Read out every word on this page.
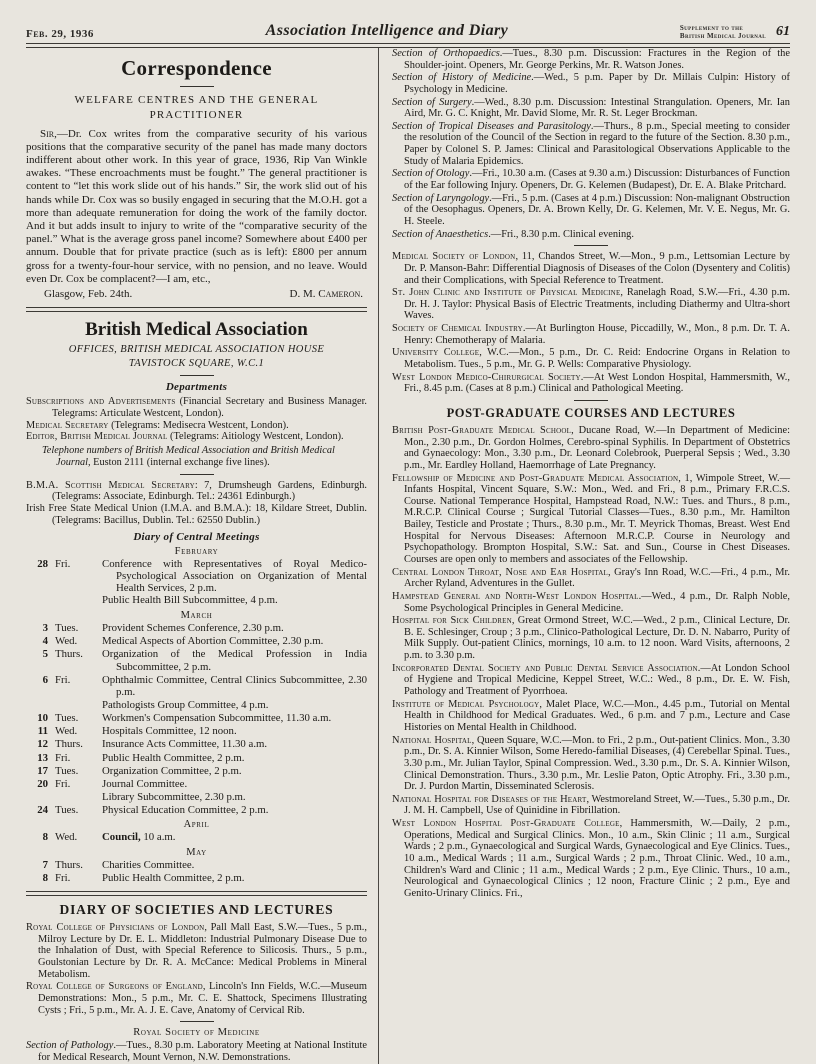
Feb. 29, 1936	Association Intelligence and Diary	Supplement to the
British Medical Journal 61
Correspondence
WELFARE CENTRES AND THE GENERAL PRACTITIONER

Sir,—Dr. Cox writes from the comparative security of his various positions that the comparative security of the panel has made many doctors indifferent about other work. In this year of grace, 1936, Rip Van Winkle awakes. “These encroachments must be fought.” The general practitioner is content to “let this work slide out of his hands.” Sir, the work slid out of his hands while Dr. Cox was so busily engaged in securing that the M.O.H. got a more than adequate remuneration for doing the work of the family doctor. And it but adds insult to injury to write of the “comparative security of the panel.” What is the average gross panel income? Somewhere about £400 per annum. Double that for private practice (such as is left): £800 per annum gross for a twenty-four-hour service, with no pension, and no leave. Would even Dr. Cox be complacent?—I am, etc.,

Glasgow, Feb. 24th.	D. M. Cameron.
British Medical Association
OFFICES, BRITISH MEDICAL ASSOCIATION HOUSE
TAVISTOCK SQUARE, W.C.1
Departments

Subscriptions and Advertisements (Financial Secretary and Business Manager. Telegrams: Articulate Westcent, London).

Medical Secretary (Telegrams: Medisecra Westcent, London).

Editor, British Medical Journal (Telegrams: Aitiology Westcent, London).

Telephone numbers of British Medical Association and British Medical Journal, Euston 2111 (internal exchange five lines).

B.M.A. Scottish Medical Secretary: 7, Drumsheugh Gardens, Edinburgh. (Telegrams: Associate, Edinburgh. Tel.: 24361 Edinburgh.)

Irish Free State Medical Union (I.M.A. and B.M.A.): 18, Kildare Street, Dublin. (Telegrams: Bacillus, Dublin. Tel.: 62550 Dublin.)

Diary of Central Meetings
February
28 Fri.	Conference with Representatives of Royal Medico-Psychological Association on Organization of Mental Health Services, 2 p.m.
Public Health Bill Subcommittee, 4 p.m.
March
3 Tues.	Provident Schemes Conference, 2.30 p.m.
4 Wed.	Medical Aspects of Abortion Committee, 2.30 p.m.
5 Thurs.	Organization of the Medical Profession in India Subcommittee, 2 p.m.
6 Fri.	Ophthalmic Committee, Central Clinics Subcommittee, 2.30 p.m.
Pathologists Group Committee, 4 p.m.
10 Tues.	Workmen's Compensation Subcommittee, 11.30 a.m.
11 Wed.	Hospitals Committee, 12 noon.
12 Thurs.	Insurance Acts Committee, 11.30 a.m.
13 Fri.	Public Health Committee, 2 p.m.
17 Tues.	Organization Committee, 2 p.m.
20 Fri.	Journal Committee.
Library Subcommittee, 2.30 p.m.
24 Tues.	Physical Education Committee, 2 p.m.
April
8 Wed.	Council, 10 a.m.
May
7 Thurs.	Charities Committee.
8 Fri.	Public Health Committee, 2 p.m.
DIARY OF SOCIETIES AND LECTURES

Royal College of Physicians of London, Pall Mall East, S.W.—Tues., 5 p.m., Milroy Lecture by Dr. E. L. Middleton: Industrial Pulmonary Disease Due to the Inhalation of Dust, with Special Reference to Silicosis. Thurs., 5 p.m., Goulstonian Lecture by Dr. R. A. McCance: Medical Problems in Mineral Metabolism.

Royal College of Surgeons of England, Lincoln's Inn Fields, W.C.—Museum Demonstrations: Mon., 5 p.m., Mr. C. E. Shattock, Specimens Illustrating Cysts ; Fri., 5 p.m., Mr. A. J. E. Cave, Anatomy of Cervical Rib.

Royal Society of Medicine

Section of Pathology.—Tues., 8.30 p.m. Laboratory Meeting at National Institute for Medical Research, Mount Vernon, N.W. Demonstrations.

Section of Orthopaedics.—Tues., 8.30 p.m. Discussion: Fractures in the Region of the Shoulder-joint. Openers, Mr. George Perkins, Mr. R. Watson Jones.

Section of History of Medicine.—Wed., 5 p.m. Paper by Dr. Millais Culpin: History of Psychology in Medicine.

Section of Surgery.—Wed., 8.30 p.m. Discussion: Intestinal Strangulation. Openers, Mr. Ian Aird, Mr. G. C. Knight, Mr. David Slome, Mr. R. St. Leger Brockman.

Section of Tropical Diseases and Parasitology.—Thurs., 8 p.m., Special meeting to consider the resolution of the Council of the Section in regard to the future of the Section. 8.30 p.m., Paper by Colonel S. P. James: Clinical and Parasitological Observations Applicable to the Study of Malaria Epidemics.

Section of Otology.—Fri., 10.30 a.m. (Cases at 9.30 a.m.) Discussion: Disturbances of Function of the Ear following Injury. Openers, Dr. G. Kelemen (Budapest), Dr. E. A. Blake Pritchard.

Section of Laryngology.—Fri., 5 p.m. (Cases at 4 p.m.) Discussion: Non-malignant Obstruction of the Oesophagus. Openers, Dr. A. Brown Kelly, Dr. G. Kelemen, Mr. V. E. Negus, Mr. G. H. Steele.

Section of Anaesthetics.—Fri., 8.30 p.m. Clinical evening.

Medical Society of London, 11, Chandos Street, W.—Mon., 9 p.m., Lettsomian Lecture by Dr. P. Manson-Bahr: Differential Diagnosis of Diseases of the Colon (Dysentery and Colitis) and their Complications, with Special Reference to Treatment.

St. John Clinic and Institute of Physical Medicine, Ranelagh Road, S.W.—Fri., 4.30 p.m. Dr. H. J. Taylor: Physical Basis of Electric Treatments, including Diathermy and Ultra-short Waves.

Society of Chemical Industry.—At Burlington House, Piccadilly, W., Mon., 8 p.m. Dr. T. A. Henry: Chemotherapy of Malaria.

University College, W.C.—Mon., 5 p.m., Dr. C. Reid: Endocrine Organs in Relation to Metabolism. Tues., 5 p.m., Mr. G. P. Wells: Comparative Physiology.

West London Medico-Chirurgical Society.—At West London Hospital, Hammersmith, W., Fri., 8.45 p.m. (Cases at 8 p.m.) Clinical and Pathological Meeting.

POST-GRADUATE COURSES AND LECTURES

British Post-Graduate Medical School, Ducane Road, W.—In Department of Medicine: Mon., 2.30 p.m., Dr. Gordon Holmes, Cerebro-spinal Syphilis. In Department of Obstetrics and Gynaecology: Mon., 3.30 p.m., Dr. Leonard Colebrook, Puerperal Sepsis ; Wed., 3.30 p.m., Mr. Eardley Holland, Haemorrhage of Late Pregnancy.

Fellowship of Medicine and Post-Graduate Medical Association, 1, Wimpole Street, W.—Infants Hospital, Vincent Square, S.W.: Mon., Wed. and Fri., 8 p.m., Primary F.R.C.S. Course. National Temperance Hospital, Hampstead Road, N.W.: Tues. and Thurs., 8 p.m., M.R.C.P. Clinical Course ; Surgical Tutorial Classes—Tues., 8.30 p.m., Mr. Hamilton Bailey, Testicle and Prostate ; Thurs., 8.30 p.m., Mr. T. Meyrick Thomas, Breast. West End Hospital for Nervous Diseases: Afternoon M.R.C.P. Course in Neurology and Psychopathology. Brompton Hospital, S.W.: Sat. and Sun., Course in Chest Diseases. Courses are open only to members and associates of the Fellowship.

Central London Throat, Nose and Ear Hospital, Gray's Inn Road, W.C.—Fri., 4 p.m., Mr. Archer Ryland, Adventures in the Gullet.

Hampstead General and North-West London Hospital.—Wed., 4 p.m., Dr. Ralph Noble, Some Psychological Principles in General Medicine.

Hospital for Sick Children, Great Ormond Street, W.C.—Wed., 2 p.m., Clinical Lecture, Dr. B. E. Schlesinger, Croup ; 3 p.m., Clinico-Pathological Lecture, Dr. D. N. Nabarro, Purity of Milk Supply. Out-patient Clinics, mornings, 10 a.m. to 12 noon. Ward Visits, afternoons, 2 p.m. to 3.30 p.m.

Incorporated Dental Society and Public Dental Service Association.—At London School of Hygiene and Tropical Medicine, Keppel Street, W.C.: Wed., 8 p.m., Dr. E. W. Fish, Pathology and Treatment of Pyorrhoea.

Institute of Medical Psychology, Malet Place, W.C.—Mon., 4.45 p.m., Tutorial on Mental Health in Childhood for Medical Graduates. Wed., 6 p.m. and 7 p.m., Lecture and Case Histories on Mental Health in Childhood.

National Hospital, Queen Square, W.C.—Mon. to Fri., 2 p.m., Out-patient Clinics. Mon., 3.30 p.m., Dr. S. A. Kinnier Wilson, Some Heredo-familial Diseases, (4) Cerebellar Spinal. Tues., 3.30 p.m., Mr. Julian Taylor, Spinal Compression. Wed., 3.30 p.m., Dr. S. A. Kinnier Wilson, Clinical Demonstration. Thurs., 3.30 p.m., Mr. Leslie Paton, Optic Atrophy. Fri., 3.30 p.m., Dr. J. Purdon Martin, Disseminated Sclerosis.

National Hospital for Diseases of the Heart, Westmoreland Street, W.—Tues., 5.30 p.m., Dr. J. M. H. Campbell, Use of Quinidine in Fibrillation.

West London Hospital Post-Graduate College, Hammersmith, W.—Daily, 2 p.m., Operations, Medical and Surgical Clinics. Mon., 10 a.m., Skin Clinic ; 11 a.m., Surgical Wards ; 2 p.m., Gynaecological and Surgical Wards, Gynaecological and Eye Clinics. Tues., 10 a.m., Medical Wards ; 11 a.m., Surgical Wards ; 2 p.m., Throat Clinic. Wed., 10 a.m., Children's Ward and Clinic ; 11 a.m., Medical Wards ; 2 p.m., Eye Clinic. Thurs., 10 a.m., Neurological and Gynaecological Clinics ; 12 noon, Fracture Clinic ; 2 p.m., Eye and Genito-Urinary Clinics. Fri.,
